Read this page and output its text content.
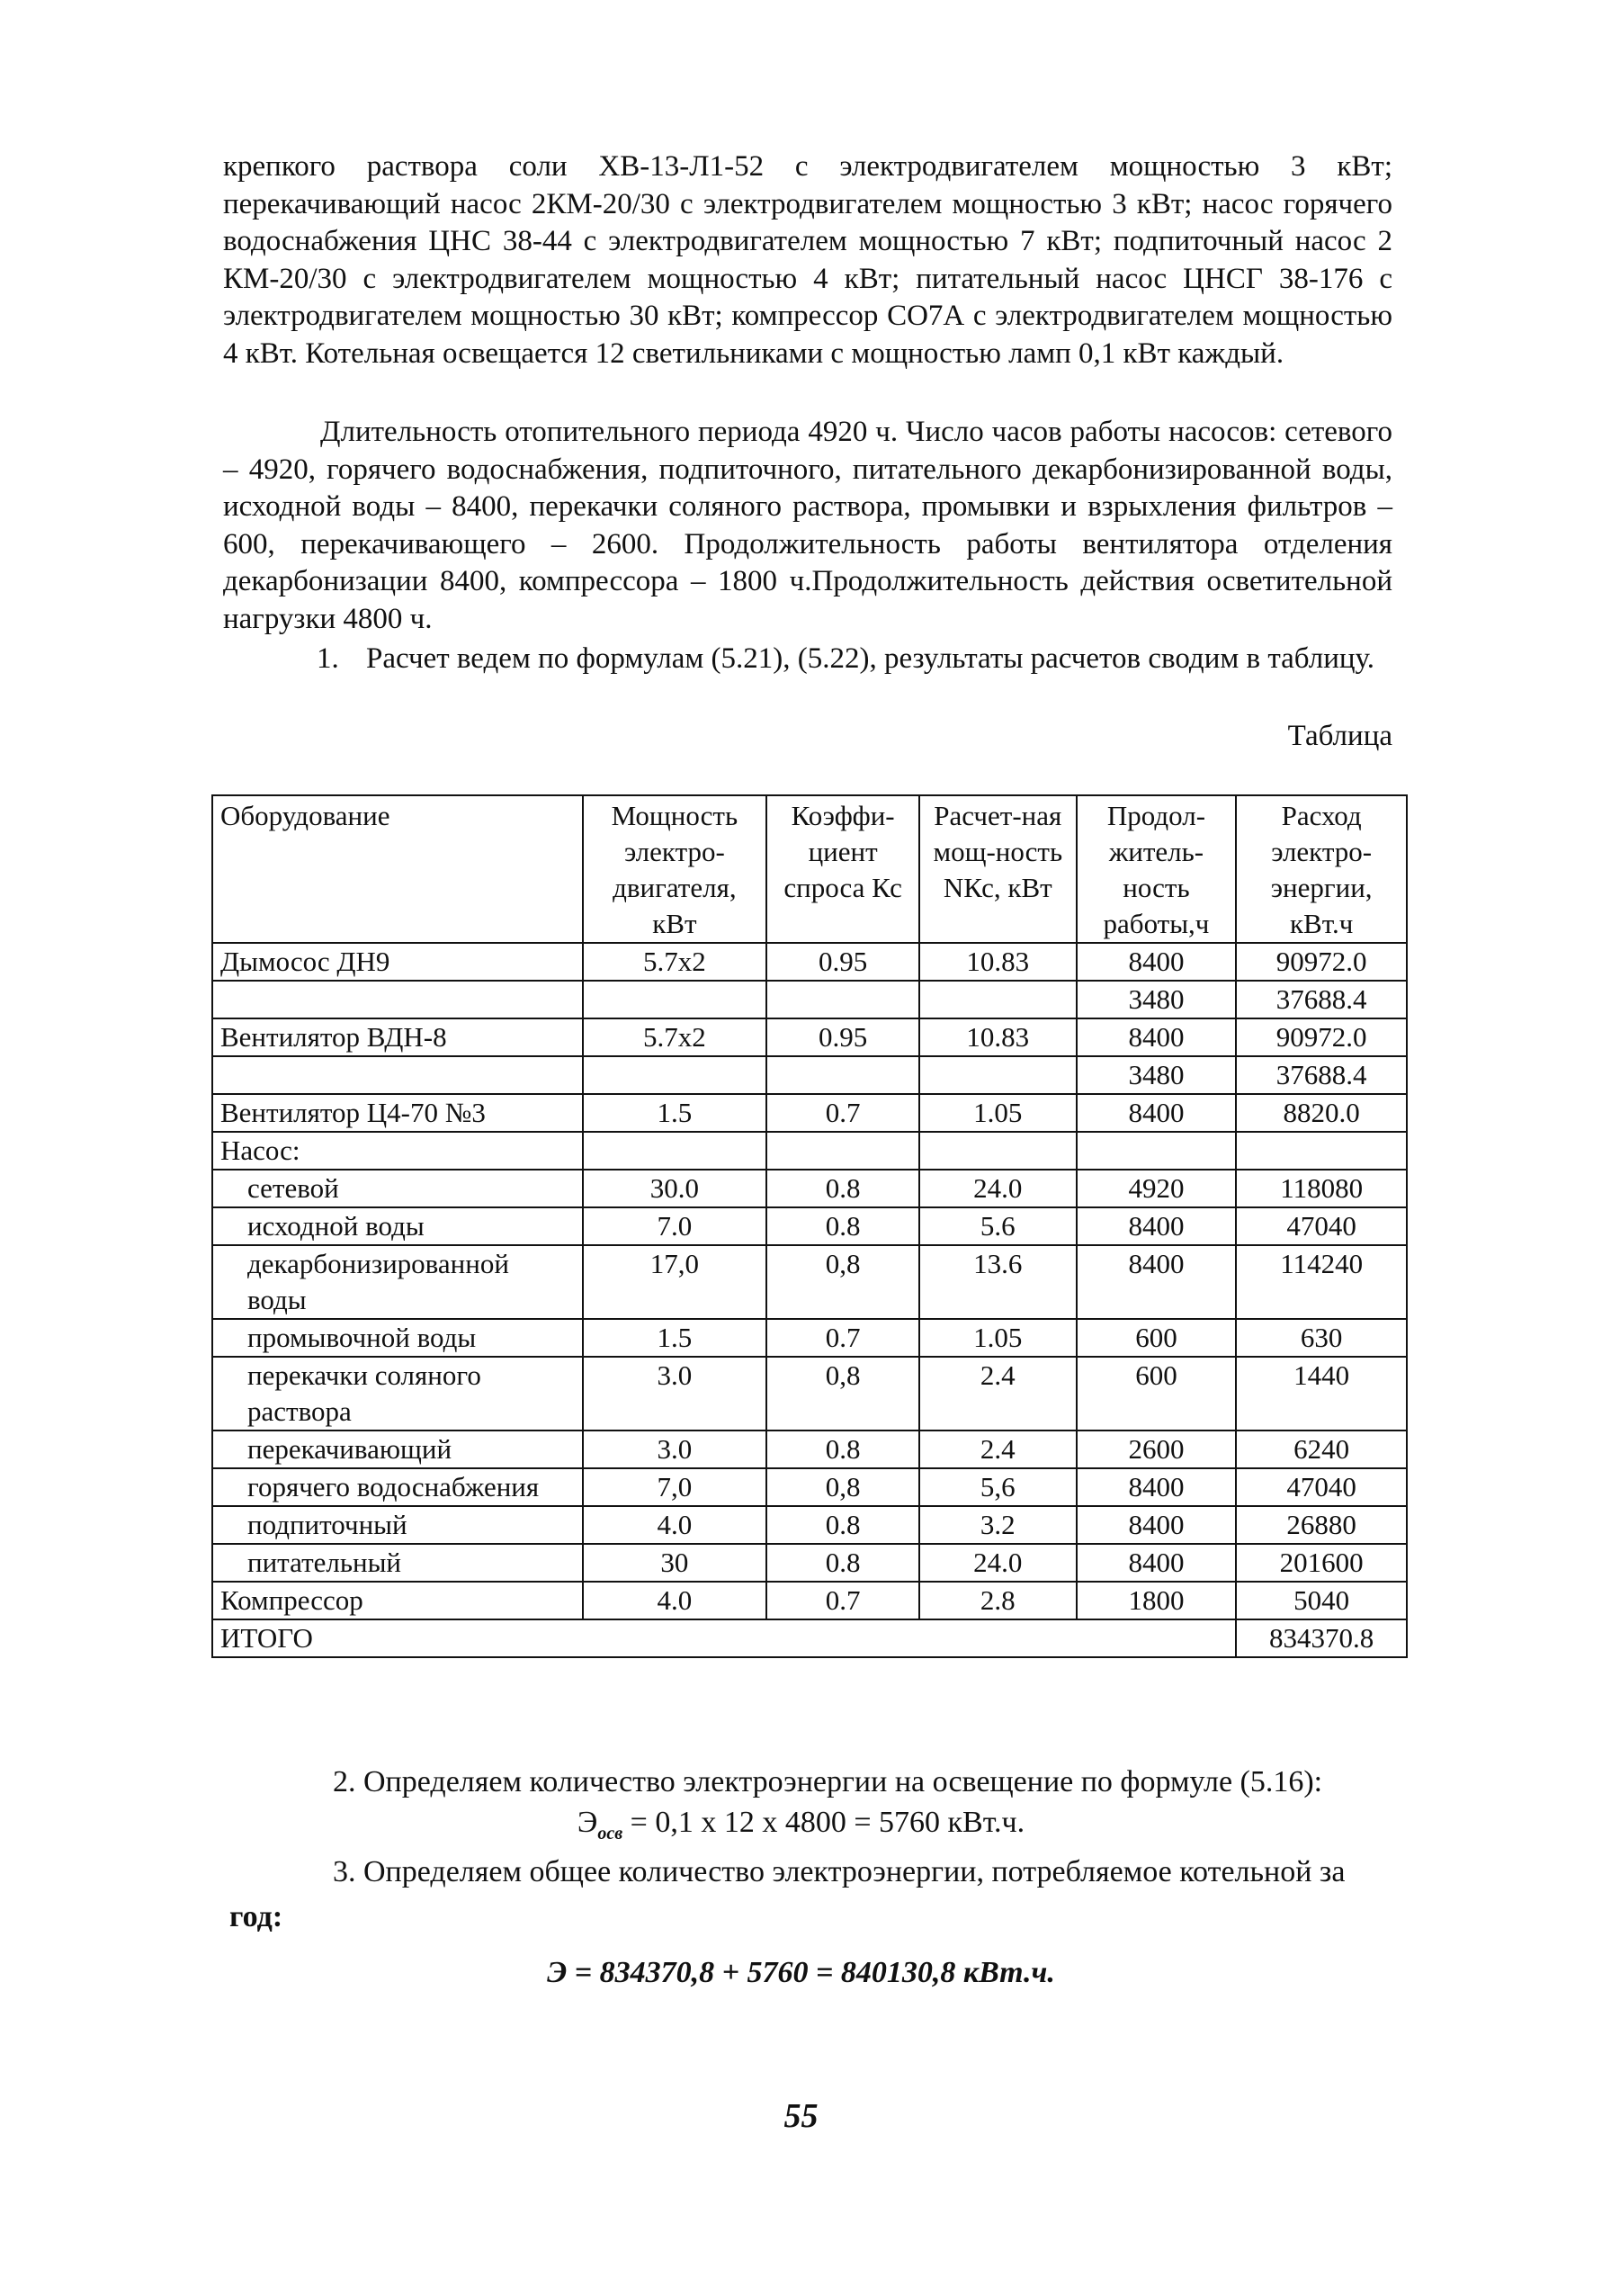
крепкого раствора соли ХВ-13-Л1-52 с электродвигателем мощностью 3 кВт; перекачивающий насос 2КМ-20/30 с электродвигателем мощностью 3 кВт; насос горячего водоснабжения ЦНС 38-44 с электродвигателем мощностью 7 кВт; подпиточный насос 2 КМ-20/30 с электродвигателем мощностью 4 кВт; питательный насос ЦНСГ 38-176 с электродвигателем мощностью 30 кВт; компрессор СО7А с электродвигателем мощностью 4 кВт. Котельная освещается 12 светильниками с мощностью ламп 0,1 кВт каждый.

Длительность отопительного периода 4920 ч. Число часов работы насосов: сетевого – 4920, горячего водоснабжения, подпиточного, питательного декарбонизированной воды, исходной воды – 8400, перекачки соляного раствора, промывки и взрыхления фильтров – 600, перекачивающего – 2600. Продолжительность работы вентилятора отделения декарбонизации 8400, компрессора – 1800 ч.Продолжительность действия осветительной нагрузки 4800 ч.

1. Расчет ведем по формулам (5.21), (5.22), результаты расчетов сводим в таблицу.
Таблица
Оборудование	Мощность электро-двигателя, кВт	Коэффи-циент спроса Кс	Расчет-ная мощ-ность NКс, кВт	Продол-житель-ность работы,ч	Расход электро-энергии, кВт.ч
Дымосос ДН9	5.7х2	0.95	10.83	8400	90972.0
				3480	37688.4
Вентилятор ВДН-8	5.7х2	0.95	10.83	8400	90972.0
				3480	37688.4
Вентилятор Ц4-70 №3	1.5	0.7	1.05	8400	8820.0
Насос:					
сетевой	30.0	0.8	24.0	4920	118080
исходной воды	7.0	0.8	5.6	8400	47040
декарбонизированной воды	17,0	0,8	13.6	8400	114240
промывочной воды	1.5	0.7	1.05	600	630
перекачки соляного раствора	3.0	0,8	2.4	600	1440
перекачивающий	3.0	0.8	2.4	2600	6240
горячего водоснабжения	7,0	0,8	5,6	8400	47040
подпиточный	4.0	0.8	3.2	8400	26880
питательный	30	0.8	24.0	8400	201600
Компрессор	4.0	0.7	2.8	1800	5040
ИТОГО					834370.8

2. Определяем количество электроэнергии на освещение по формуле (5.16):

$Э_{осв} = 0,1$ х 12 х 4800 = 5760 кВт.ч.

3. Определяем общее количество электроэнергии, потребляемое котельной за

год:

Э = 834370,8 + 5760 = 840130,8 кВт.ч.

55
